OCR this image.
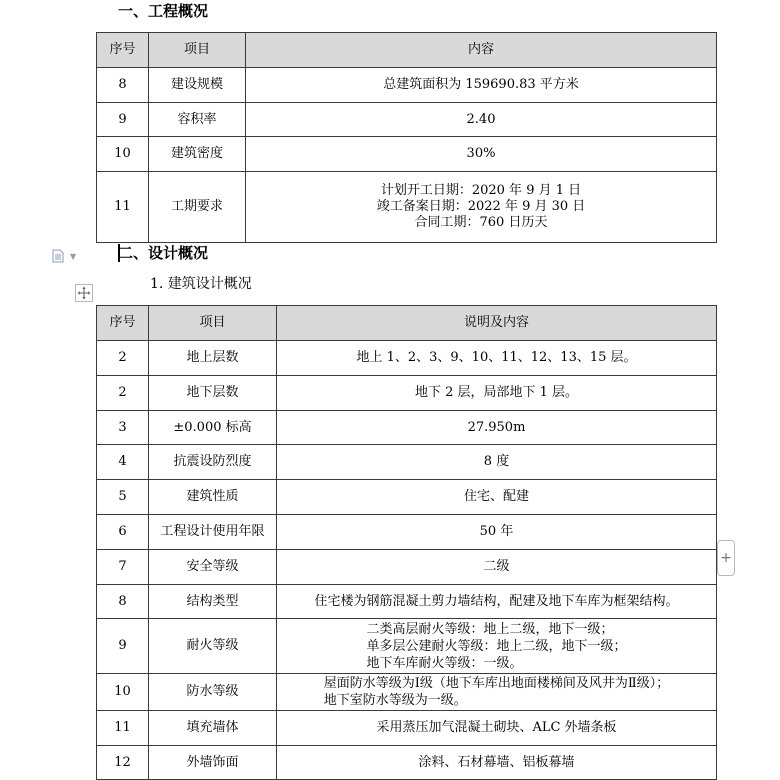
一、工程概况
序号	项目	内容
8	建设规模	总建筑面积为 159690.83 平方米
9	容积率	2.40
10	建筑密度	30%
11	工期要求	计划开工日期：2020 年 9 月 1 日
竣工备案日期：2022 年 9 月 30 日
合同工期：760 日历天
▼	二、设计概况
1. 建筑设计概况
序号	项目	说明及内容
2	地上层数	地上 1、2、3、9、10、11、12、13、15 层。
2	地下层数	地下 2 层，局部地下 1 层。
3	±0.000 标高	27.950m
4	抗震设防烈度	8 度
5	建筑性质	住宅、配建
6	工程设计使用年限	50 年
7	安全等级	二级
8	结构类型	住宅楼为钢筋混凝土剪力墙结构，配建及地下车库为框架结构。
9	耐火等级	二类高层耐火等级：地上二级，地下一级；
单多层公建耐火等级：地上二级，地下一级；
地下车库耐火等级：一级。
10	防水等级	屋面防水等级为Ⅰ级（地下车库出地面楼梯间及风井为Ⅱ级）；
地下室防水等级为一级。
11	填充墙体	采用蒸压加气混凝土砌块、ALC 外墙条板
12	外墙饰面	涂料、石材幕墙、铝板幕墙
+
